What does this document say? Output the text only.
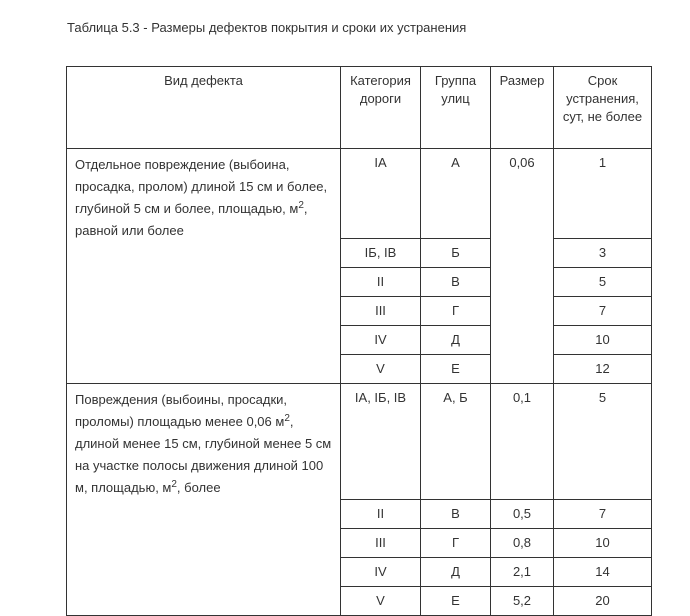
Таблица 5.3 - Размеры дефектов покрытия и сроки их устранения
Вид дефекта	Категория дороги	Группа улиц	Размер	Срок устранения, сут, не более
Отдельное повреждение (выбоина, просадка, пролом) длиной 15 см и более, глубиной 5 см и более, площадью, $м^2$, равной или более	IA	А	0,06	1
	IБ, IВ	Б		3
	II	В		5
	III	Г		7
	IV	Д		10
	V	Е		12
Повреждения (выбоины, просадки, проломы) площадью менее 0,06 $м^2$, длиной менее 15 см, глубиной менее 5 см на участке полосы движения длиной 100 м, площадью, $м^2$, более	IA, IБ, IВ	А, Б	0,1	5
	II	В	0,5	7
	III	Г	0,8	10
	IV	Д	2,1	14
	V	Е	5,2	20
